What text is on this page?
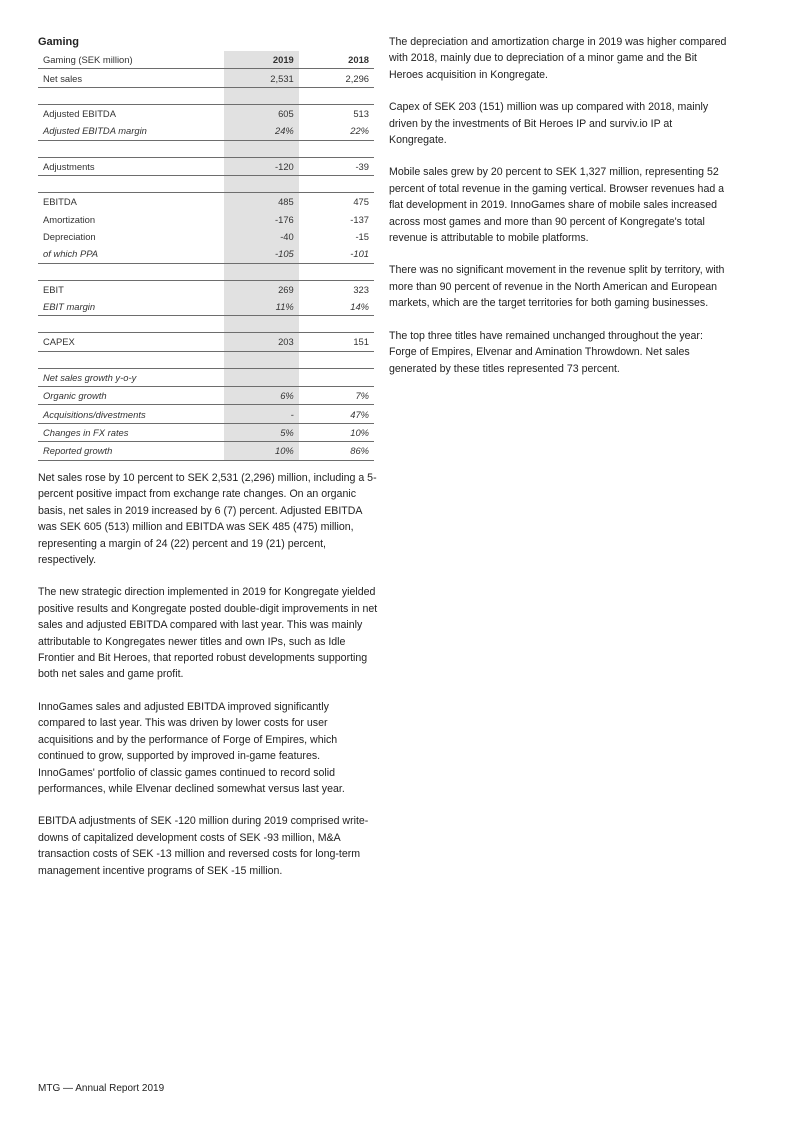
Gaming
Gaming (SEK million)	2019	2018
Net sales	2,531	2,296

Adjusted EBITDA	605	513
Adjusted EBITDA margin	24%	22%

Adjustments	-120	-39

EBITDA	485	475
Amortization	-176	-137
Depreciation	-40	-15
of which PPA	-105	-101

EBIT	269	323
EBIT margin	11%	14%

CAPEX	203	151

Net sales growth y-o-y		
Organic growth	6%	7%
Acquisitions/divestments	-	47%
Changes in FX rates	5%	10%
Reported growth	10%	86%

Net sales rose by 10 percent to SEK 2,531 (2,296) million, including a 5-percent positive impact from exchange rate changes. On an organic basis, net sales in 2019 increased by 6 (7) percent. Adjusted EBITDA was SEK 605 (513) million and EBITDA was SEK 485 (475) million, representing a margin of 24 (22) percent and 19 (21) percent, respectively.

The new strategic direction implemented in 2019 for Kongregate yielded positive results and Kongregate posted double-digit improvements in net sales and adjusted EBITDA compared with last year. This was mainly attributable to Kongregates newer titles and own IPs, such as Idle Frontier and Bit Heroes, that reported robust developments supporting both net sales and game profit.

InnoGames sales and adjusted EBITDA improved significantly compared to last year. This was driven by lower costs for user acquisitions and by the performance of Forge of Empires, which continued to grow, supported by improved in-game features. InnoGames' portfolio of classic games continued to record solid performances, while Elvenar declined somewhat versus last year.

EBITDA adjustments of SEK -120 million during 2019 comprised write-downs of capitalized development costs of SEK -93 million, M&A transaction costs of SEK -13 million and reversed costs for long-term management incentive programs of SEK -15 million.

The depreciation and amortization charge in 2019 was higher compared with 2018, mainly due to depreciation of a minor game and the Bit Heroes acquisition in Kongregate.

Capex of SEK 203 (151) million was up compared with 2018, mainly driven by the investments of Bit Heroes IP and surviv.io IP at Kongregate.

Mobile sales grew by 20 percent to SEK 1,327 million, representing 52 percent of total revenue in the gaming vertical. Browser revenues had a flat development in 2019. InnoGames share of mobile sales increased across most games and more than 90 percent of Kongregate's total revenue is attributable to mobile platforms.

There was no significant movement in the revenue split by territory, with more than 90 percent of revenue in the North American and European markets, which are the target territories for both gaming businesses.

The top three titles have remained unchanged throughout the year: Forge of Empires, Elvenar and Amination Throwdown. Net sales generated by these titles represented 73 percent.

MTG — Annual Report 2019
